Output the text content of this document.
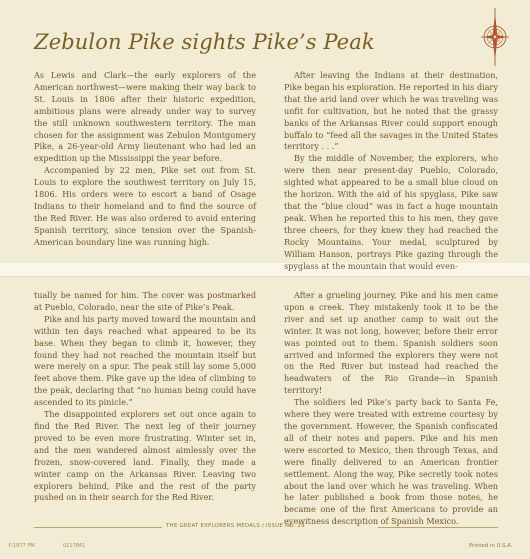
Zebulon Pike sights Pike’s Peak

As Lewis and Clark—the early explorers of the American northwest—were making their way back to St. Louis in 1806 after their historic expedition, ambitious plans were already under way to survey the still unknown southwestern territory. The man chosen for the assignment was Zebulon Montgomery Pike, a 26-year-old Army lieutenant who had led an expedition up the Mississippi the year before.

Accompanied by 22 men, Pike set out from St. Louis to explore the southwest territory on July 15, 1806. His orders were to escort a band of Osage Indians to their homeland and to find the source of the Red River. He was also ordered to avoid entering Spanish territory, since tension over the Spanish-American boundary line was running high.

After leaving the Indians at their destination, Pike began his exploration. He reported in his diary that the arid land over which he was traveling was unfit for cultivation, but he noted that the grassy banks of the Arkansas River could support enough buffalo to “feed all the savages in the United States territory . . .”

By the middle of November, the explorers, who were then near present-day Pueblo, Colorado, sighted what appeared to be a small blue cloud on the horizon. With the aid of his spyglass, Pike saw that the “blue cloud” was in fact a huge mountain peak. When he reported this to his men, they gave three cheers, for they knew they had reached the Rocky Mountains. Your medal, sculptured by William Hanson, portrays Pike gazing through the spyglass at the mountain that would even-

tually be named for him. The cover was postmarked at Pueblo, Colorado, near the site of Pike’s Peak.

Pike and his party moved toward the mountain and within ten days reached what appeared to be its base. When they began to climb it, however, they found they had not reached the mountain itself but were merely on a spur. The peak still lay some 5,000 feet above them. Pike gave up the idea of climbing to the peak, declaring that “no human being could have ascended to its pinicle.”

The disappointed explorers set out once again to find the Red River. The next leg of their journey proved to be even more frustrating. Winter set in, and the men wandered almost aimlessly over the frozen, snow-covered land. Finally, they made a winter camp on the Arkansas River. Leaving two explorers behind, Pike and the rest of the party pushed on in their search for the Red River.

After a grueling journey, Pike and his men came upon a creek. They mistakenly took it to be the river and set up another camp to wait out the winter. It was not long, however, before their error was pointed out to them. Spanish soldiers soon arrived and informed the explorers they were not on the Red River but instead had reached the headwaters of the Rio Grande—in Spanish territory!

The soldiers led Pike’s party back to Santa Fe, where they were treated with extreme courtesy by the government. However, the Spanish confiscated all of their notes and papers. Pike and his men were escorted to Mexico, then through Texas, and were finally delivered to an American frontier settlement. Along the way, Pike secretly took notes about the land over which he was traveling. When he later published a book from those notes, he became one of the first Americans to provide an eyewitness description of Spanish Mexico.

THE GREAT EXPLORERS MEDALS / ISSUE NO. 29
©1977 FM	0117841	Printed in U.S.A.
